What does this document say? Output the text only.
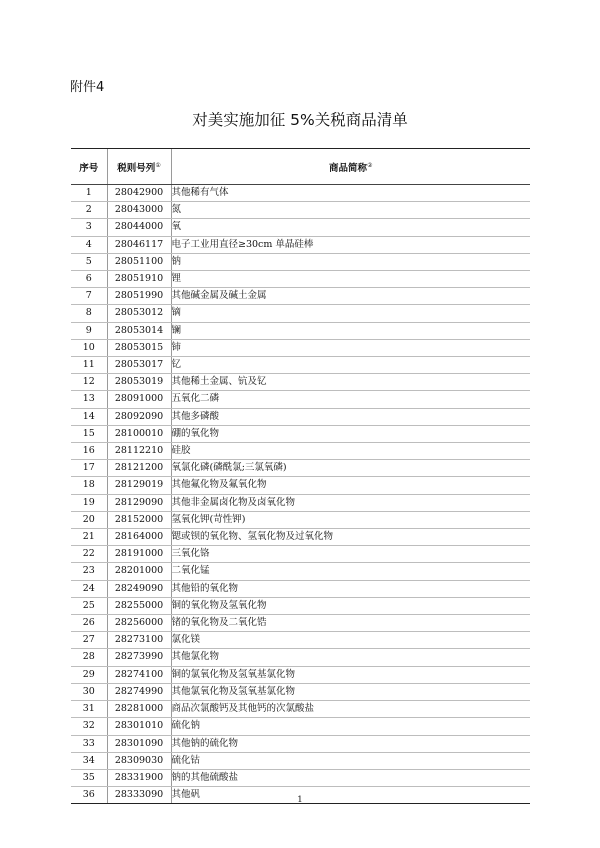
附件4
对美实施加征 5%关税商品清单
序号	税则号列①	商品简称②
1	28042900	其他稀有气体
2	28043000	氮
3	28044000	氧
4	28046117	电子工业用直径≥30cm 单晶硅棒
5	28051100	钠
6	28051910	锂
7	28051990	其他碱金属及碱土金属
8	28053012	镝
9	28053014	镧
10	28053015	铈
11	28053017	钇
12	28053019	其他稀土金属、钪及钇
13	28091000	五氧化二磷
14	28092090	其他多磷酸
15	28100010	硼的氧化物
16	28112210	硅胶
17	28121200	氧氯化磷(磷酰氯;三氯氧磷)
18	28129019	其他氟化物及氟氧化物
19	28129090	其他非金属卤化物及卤氧化物
20	28152000	氢氧化钾(苛性钾)
21	28164000	锶或钡的氧化物、氢氧化物及过氧化物
22	28191000	三氧化铬
23	28201000	二氧化锰
24	28249090	其他铅的氧化物
25	28255000	铜的氧化物及氢氧化物
26	28256000	锗的氧化物及二氧化锆
27	28273100	氯化镁
28	28273990	其他氯化物
29	28274100	铜的氯氧化物及氢氧基氯化物
30	28274990	其他氯氧化物及氢氧基氯化物
31	28281000	商品次氯酸钙及其他钙的次氯酸盐
32	28301010	硫化钠
33	28301090	其他钠的硫化物
34	28309030	硫化钴
35	28331900	钠的其他硫酸盐
36	28333090	其他矾	1
